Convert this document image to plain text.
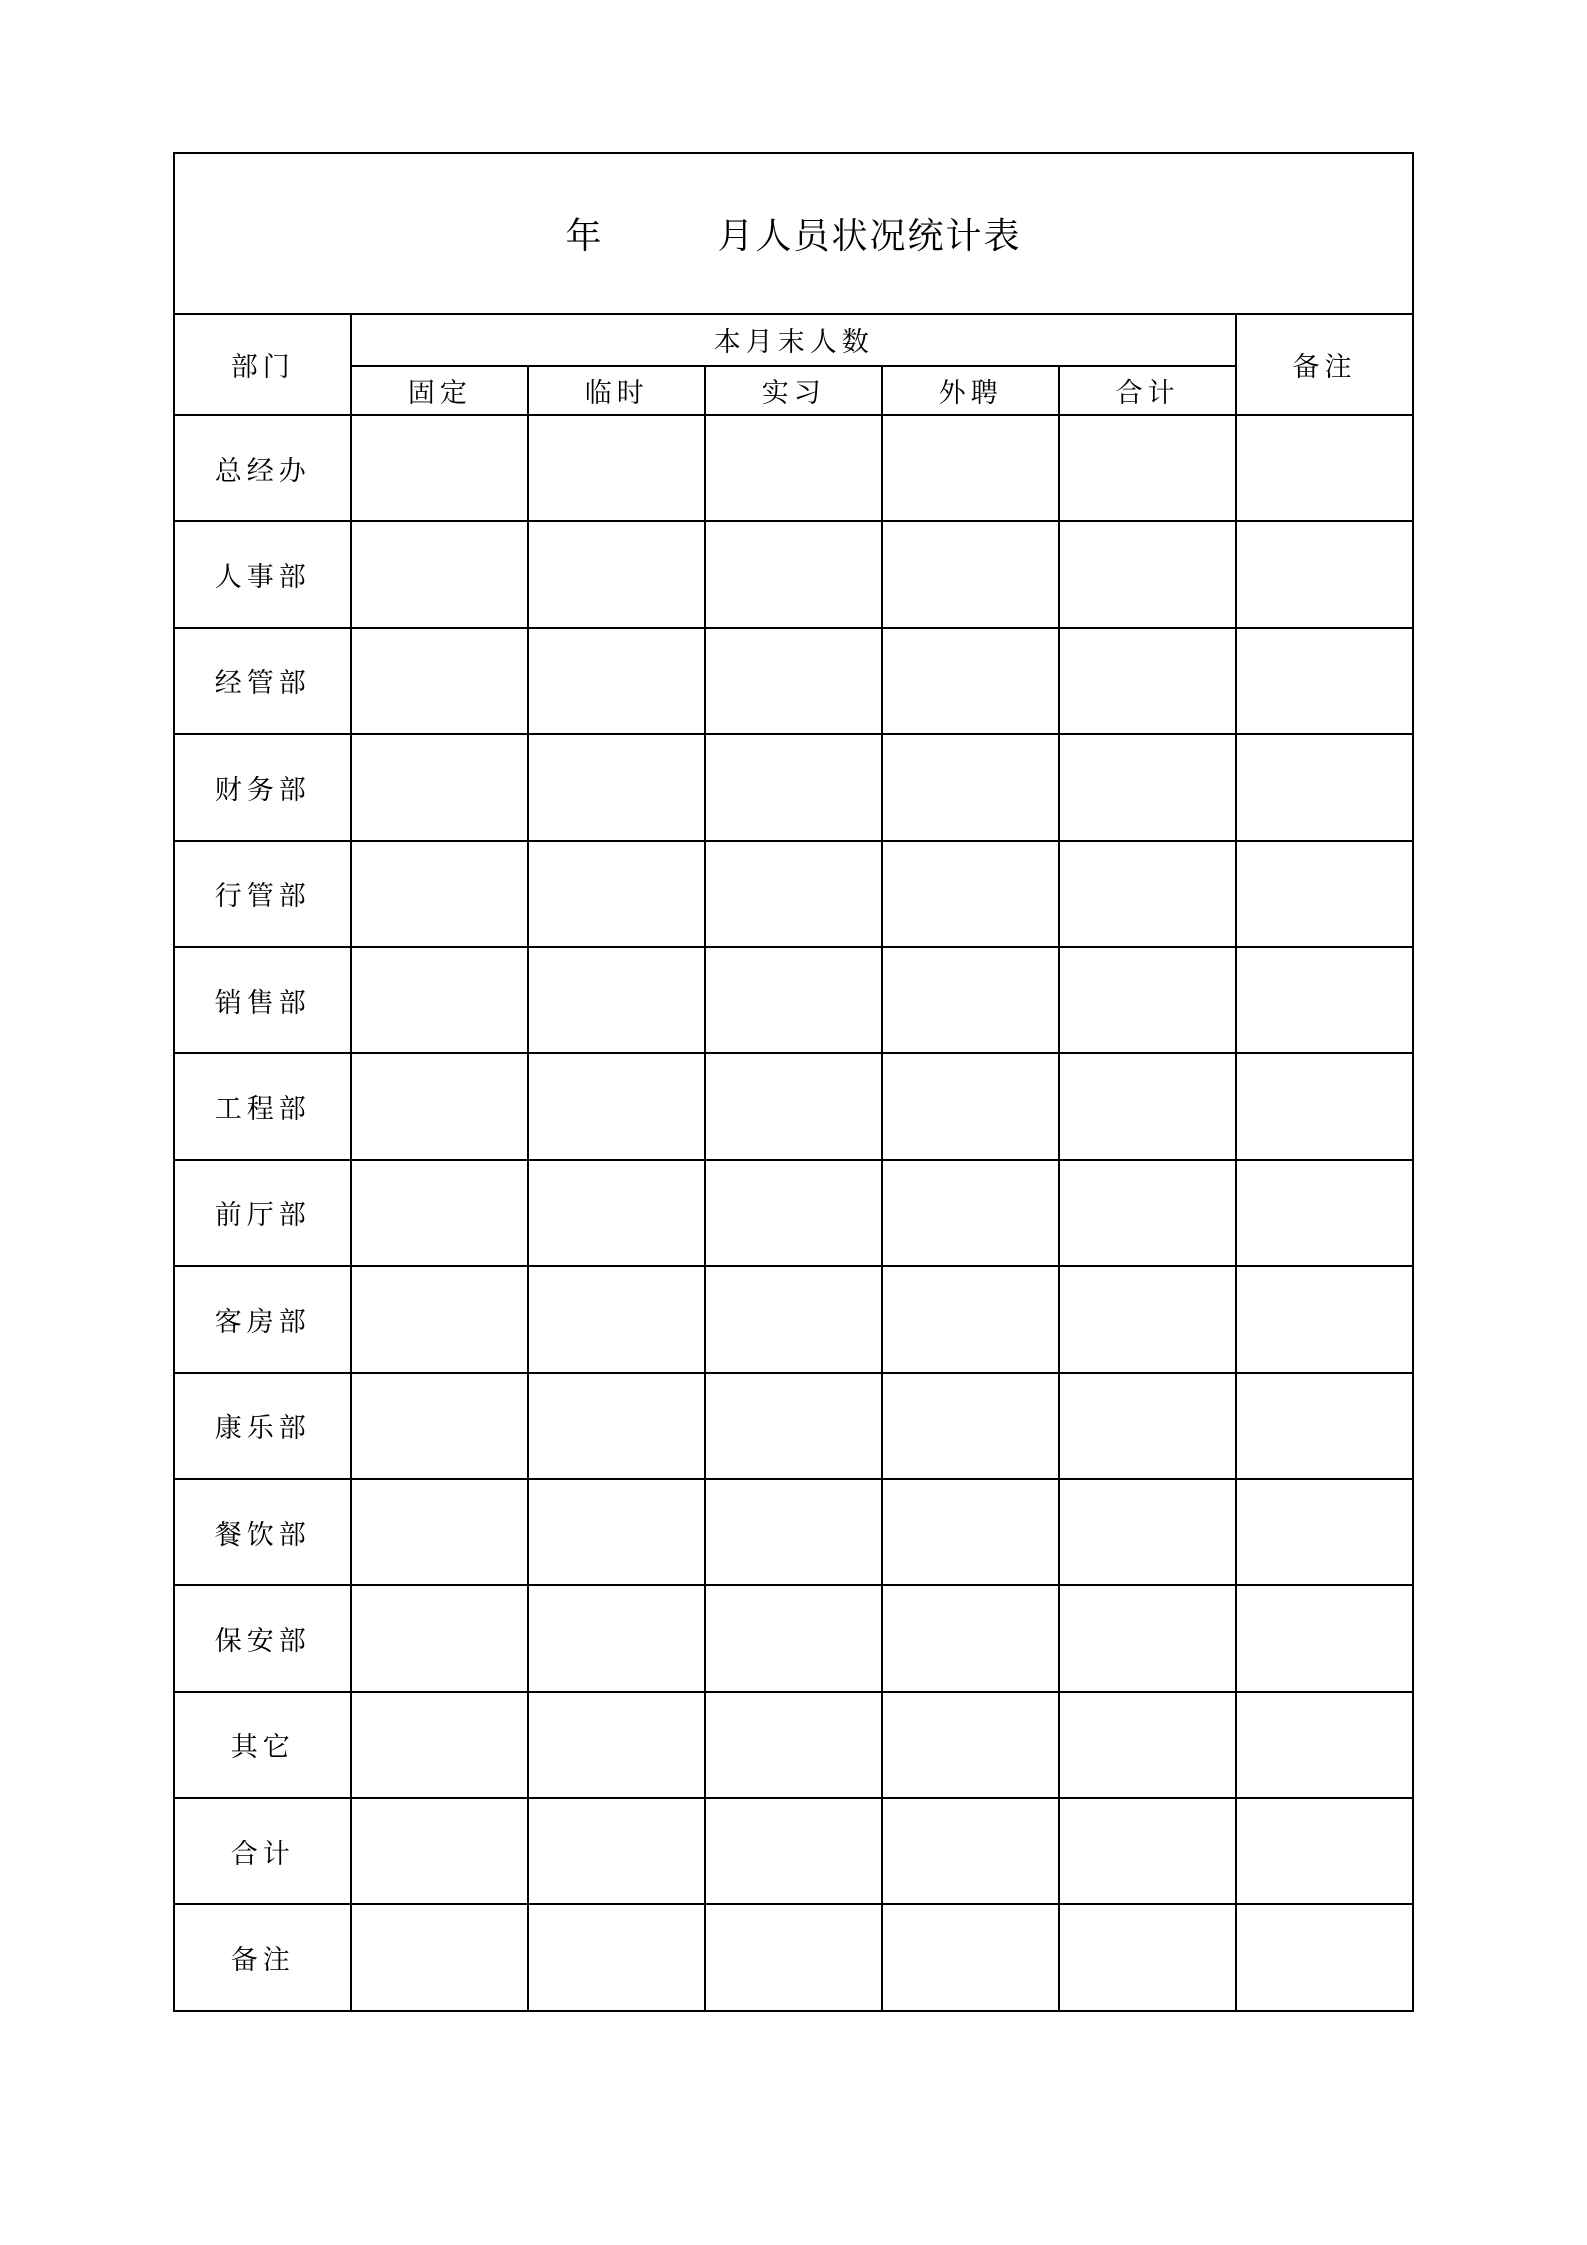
年　　　月人员状况统计表						
部门	本月末人数					备注
	固定	临时	实习	外聘	合计	
总经办						
人事部						
经管部						
财务部						
行管部						
销售部						
工程部						
前厅部						
客房部						
康乐部						
餐饮部						
保安部						
其它						
合计						
备注						
